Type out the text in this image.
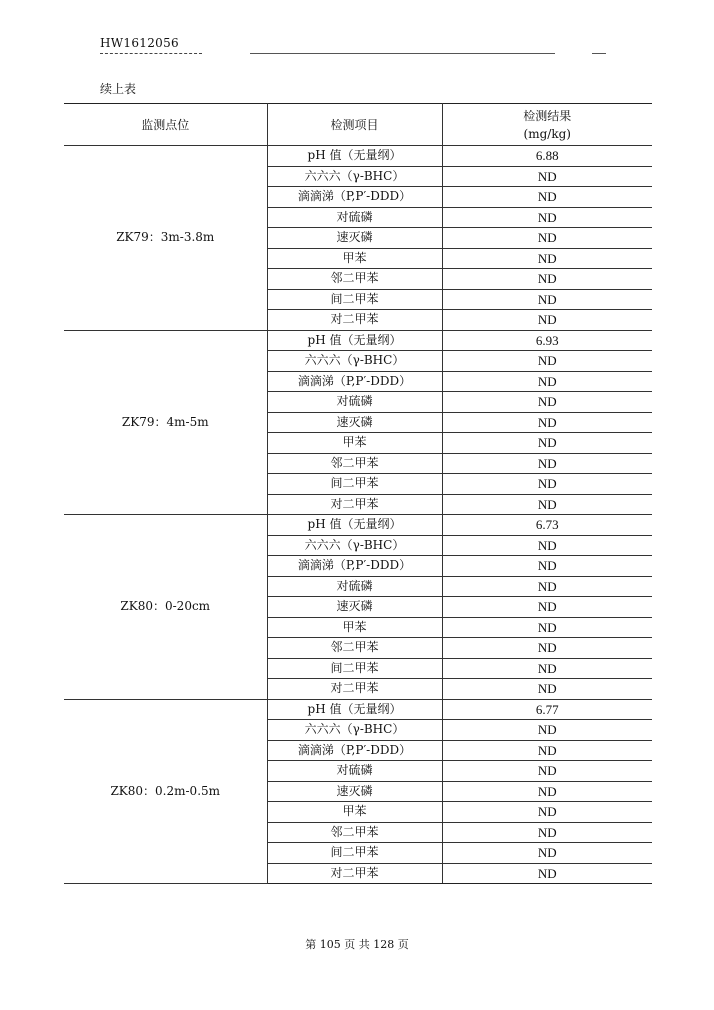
HW1612056
续上表
监测点位	检测项目	检测结果
(mg/kg)

ZK79：3m-3.8m	pH 值（无量纲）	6.88
	六六六（γ-BHC）	ND
	滴滴涕（P,P′-DDD）	ND
	对硫磷	ND
	速灭磷	ND
	甲苯	ND
	邻二甲苯	ND
	间二甲苯	ND
	对二甲苯	ND
ZK79：4m-5m	pH 值（无量纲）	6.93
	六六六（γ-BHC）	ND
	滴滴涕（P,P′-DDD）	ND
	对硫磷	ND
	速灭磷	ND
	甲苯	ND
	邻二甲苯	ND
	间二甲苯	ND
	对二甲苯	ND
ZK80：0-20cm	pH 值（无量纲）	6.73
	六六六（γ-BHC）	ND
	滴滴涕（P,P′-DDD）	ND
	对硫磷	ND
	速灭磷	ND
	甲苯	ND
	邻二甲苯	ND
	间二甲苯	ND
	对二甲苯	ND
ZK80：0.2m-0.5m	pH 值（无量纲）	6.77
	六六六（γ-BHC）	ND
	滴滴涕（P,P′-DDD）	ND
	对硫磷	ND
	速灭磷	ND
	甲苯	ND
	邻二甲苯	ND
	间二甲苯	ND
	对二甲苯	ND
第 105 页 共 128 页
